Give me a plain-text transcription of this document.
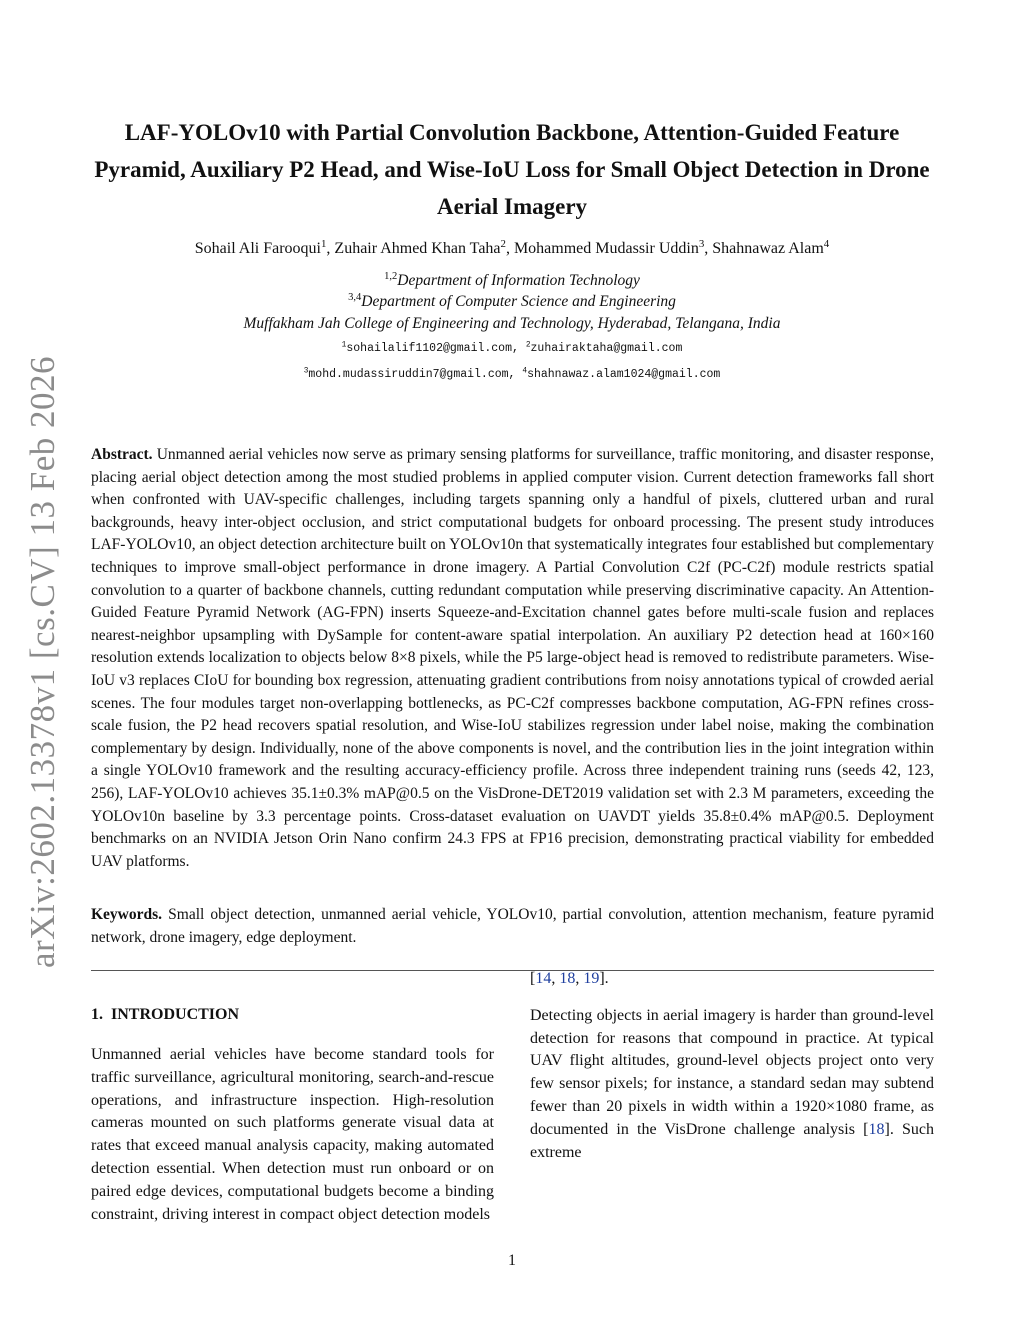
arXiv:2602.13378v1 [cs.CV] 13 Feb 2026
LAF-YOLOv10 with Partial Convolution Backbone, Attention-Guided Feature Pyramid, Auxiliary P2 Head, and Wise-IoU Loss for Small Object Detection in Drone Aerial Imagery
Sohail Ali Farooqui$^1$, Zuhair Ahmed Khan Taha$^2$, Mohammed Mudassir Uddin$^3$, Shahnawaz Alam$^4$
$^{1,2}$Department of Information Technology
$^{3,4}$Department of Computer Science and Engineering
Muffakham Jah College of Engineering and Technology, Hyderabad, Telangana, India
$^1$sohailalif1102@gmail.com, $^2$zuhairaktaha@gmail.com
$^3$mohd.mudassiruddin7@gmail.com, $^4$shahnawaz.alam1024@gmail.com

Abstract. Unmanned aerial vehicles now serve as primary sensing platforms for surveillance, traffic monitoring, and disaster response, placing aerial object detection among the most studied problems in applied computer vision. Current detection frameworks fall short when confronted with UAV-specific challenges, including targets spanning only a handful of pixels, cluttered urban and rural backgrounds, heavy inter-object occlusion, and strict computational budgets for onboard processing. The present study introduces LAF-YOLOv10, an object detection architecture built on YOLOv10n that systematically integrates four established but complementary techniques to improve small-object performance in drone imagery. A Partial Convolution C2f (PC-C2f) module restricts spatial convolution to a quarter of backbone channels, cutting redundant computation while preserving discriminative capacity. An Attention-Guided Feature Pyramid Network (AG-FPN) inserts Squeeze-and-Excitation channel gates before multi-scale fusion and replaces nearest-neighbor upsampling with DySample for content-aware spatial interpolation. An auxiliary P2 detection head at 160×160 resolution extends localization to objects below 8×8 pixels, while the P5 large-object head is removed to redistribute parameters. Wise-IoU v3 replaces CIoU for bounding box regression, attenuating gradient contributions from noisy annotations typical of crowded aerial scenes. The four modules target non-overlapping bottlenecks, as PC-C2f compresses backbone computation, AG-FPN refines cross-scale fusion, the P2 head recovers spatial resolution, and Wise-IoU stabilizes regression under label noise, making the combination complementary by design. Individually, none of the above components is novel, and the contribution lies in the joint integration within a single YOLOv10 framework and the resulting accuracy-efficiency profile. Across three independent training runs (seeds 42, 123, 256), LAF-YOLOv10 achieves 35.1±0.3% mAP@0.5 on the VisDrone-DET2019 validation set with 2.3 M parameters, exceeding the YOLOv10n baseline by 3.3 percentage points. Cross-dataset evaluation on UAVDT yields 35.8±0.4% mAP@0.5. Deployment benchmarks on an NVIDIA Jetson Orin Nano confirm 24.3 FPS at FP16 precision, demonstrating practical viability for embedded UAV platforms.

Keywords. Small object detection, unmanned aerial vehicle, YOLOv10, partial convolution, attention mechanism, feature pyramid network, drone imagery, edge deployment.

1. INTRODUCTION

Unmanned aerial vehicles have become standard tools for traffic surveillance, agricultural monitoring, search-and-rescue operations, and infrastructure inspection. High-resolution cameras mounted on such platforms generate visual data at rates that exceed manual analysis capacity, making automated detection essential. When detection must run onboard or on paired edge devices, computational budgets become a binding constraint, driving interest in compact object detection models

[14, 18, 19].

Detecting objects in aerial imagery is harder than ground-level detection for reasons that compound in practice. At typical UAV flight altitudes, ground-level objects project onto very few sensor pixels; for instance, a standard sedan may subtend fewer than 20 pixels in width within a 1920×1080 frame, as documented in the VisDrone challenge analysis [18]. Such extreme

1
